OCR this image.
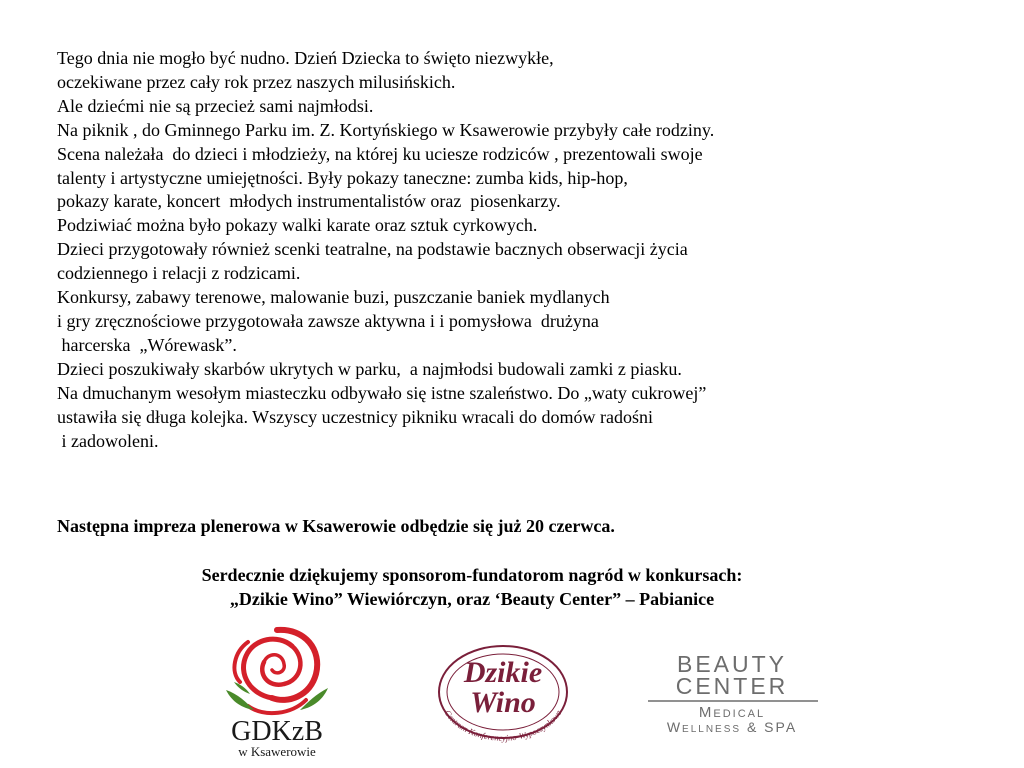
Tego dnia nie mogło być nudno. Dzień Dziecka to święto niezwykłe,
oczekiwane przez cały rok przez naszych milusińskich.
Ale dziećmi nie są przecież sami najmłodsi.
Na piknik , do Gminnego Parku im. Z. Kortyńskiego w Ksawerowie przybyły całe rodziny.
Scena należała  do dzieci i młodzieży, na której ku uciesze rodziców , prezentowali swoje
talenty i artystyczne umiejętności. Były pokazy taneczne: zumba kids, hip-hop,
pokazy karate, koncert  młodych instrumentalistów oraz  piosenkarzy.
Podziwiać można było pokazy walki karate oraz sztuk cyrkowych.
Dzieci przygotowały również scenki teatralne, na podstawie bacznych obserwacji życia
codziennego i relacji z rodzicami.
Konkursy, zabawy terenowe, malowanie buzi, puszczanie baniek mydlanych
i gry zręcznościowe przygotowała zawsze aktywna i i pomysłowa  drużyna
harcerska  „Wórewask”.
Dzieci poszukiwały skarbów ukrytych w parku,  a najmłodsi budowali zamki z piasku.
Na dmuchanym wesołym miasteczku odbywało się istne szaleństwo. Do „waty cukrowej”
ustawiła się długa kolejka. Wszyscy uczestnicy pikniku wracali do domów radośni
i zadowoleni.
Następna impreza plenerowa w Ksawerowie odbędzie się już 20 czerwca.
Serdecznie dziękujemy sponsorom-fundatorom nagród w konkursach:
„Dzikie Wino” Wiewiórczyn, oraz ‘Beauty Center” – Pabianice
GDKzB
w Ksawerowie
Dzikie
Wino
Centrum Konferencyjno-Wypoczynkowe
BEAUTY
CENTER
Medical
Wellness & SPA
